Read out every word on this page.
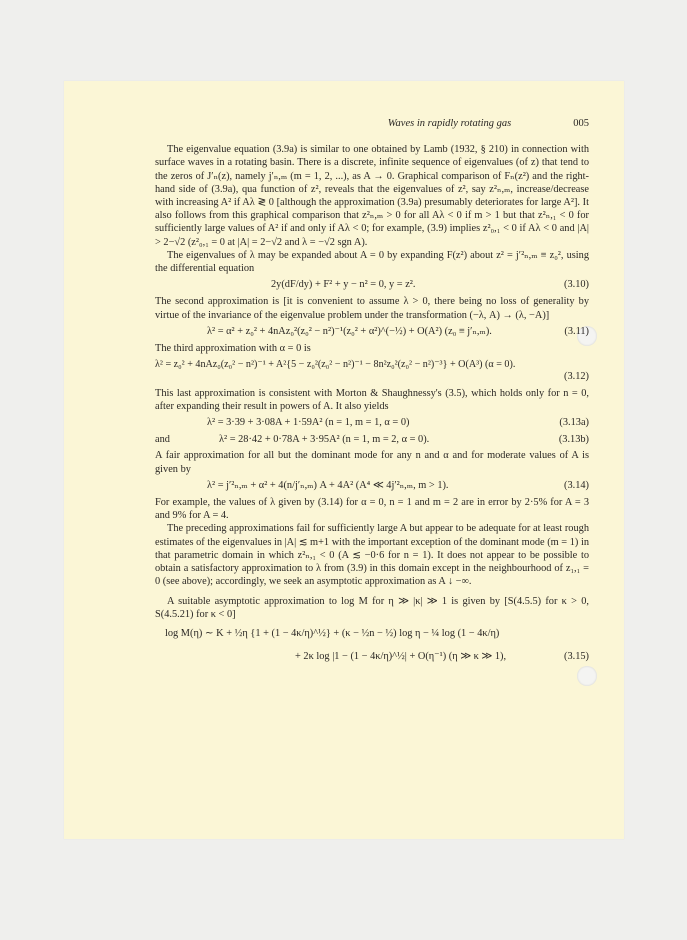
Waves in rapidly rotating gas	005

The eigenvalue equation (3.9a) is similar to one obtained by Lamb (1932, § 210) in connection with surface waves in a rotating basin. There is a discrete, infinite sequence of eigenvalues (of z) that tend to the zeros of J′ₙ(z), namely j′ₙ,ₘ (m = 1, 2, ...), as A → 0. Graphical comparison of Fₙ(z²) and the right-hand side of (3.9a), qua function of z², reveals that the eigenvalues of z², say z²ₙ,ₘ, increase/decrease with increasing A² if Aλ ≷ 0 [although the approximation (3.9a) presumably deteriorates for large A²]. It also follows from this graphical comparison that z²ₙ,ₘ > 0 for all Aλ < 0 if m > 1 but that z²ₙ,₁ < 0 for sufficiently large values of A² if and only if Aλ < 0; for example, (3.9) implies z²₀,₁ < 0 if Aλ < 0 and |A| > 2−√2 (z²₀,₁ = 0 at |A| = 2−√2 and λ = −√2 sgn A).

The eigenvalues of λ may be expanded about A = 0 by expanding F(z²) about z² = j′²ₙ,ₘ ≡ z₀², using the differential equation

2y(dF/dy) + F² + y − n² = 0, y = z².	(3.10)

The second approximation is [it is convenient to assume λ > 0, there being no loss of generality by virtue of the invariance of the eigenvalue problem under the transformation (−λ, A) → (λ, −A)]

λ² = α² + z₀² + 4nAz₀²(z₀² − n²)⁻¹(z₀² + α²)^(−½) + O(A²) (z₀ ≡ j′ₙ,ₘ).	(3.11)

The third approximation with α = 0 is

λ² = z₀² + 4nAz₀(z₀² − n²)⁻¹ + A²{5 − z₀²(z₀² − n²)⁻¹ − 8n²z₀²(z₀² − n²)⁻³} + O(A³) (α = 0).
(3.12)

This last approximation is consistent with Morton & Shaughnessy's (3.5), which holds only for n = 0, after expanding their result in powers of A. It also yields

λ² = 3·39 + 3·08A + 1·59A² (n = 1, m = 1, α = 0)	(3.13a)
and	λ² = 28·42 + 0·78A + 3·95A² (n = 1, m = 2, α = 0).	(3.13b)

A fair approximation for all but the dominant mode for any n and α and for moderate values of A is given by

λ² = j′²ₙ,ₘ + α² + 4(n/j′ₙ,ₘ) A + 4A² (A⁴ ≪ 4j′²ₙ,ₘ, m > 1).	(3.14)

For example, the values of λ given by (3.14) for α = 0, n = 1 and m = 2 are in error by 2·5% for A = 3 and 9% for A = 4.

The preceding approximations fail for sufficiently large A but appear to be adequate for at least rough estimates of the eigenvalues in |A| ≲ m+1 with the important exception of the dominant mode (m = 1) in that parametric domain in which z²ₙ,₁ < 0 (A ≲ −0·6 for n = 1). It does not appear to be possible to obtain a satisfactory approximation to λ from (3.9) in this domain except in the neighbourhood of z₁,₁ = 0 (see above); accordingly, we seek an asymptotic approximation as A ↓ −∞.

A suitable asymptotic approximation to log M for η ≫ |κ| ≫ 1 is given by [S(4.5.5) for κ > 0, S(4.5.21) for κ < 0]

log M(η) ∼ K + ½η {1 + (1 − 4κ/η)^½} + (κ − ½n − ½) log η − ¼ log (1 − 4κ/η)
+ 2κ log |1 − (1 − 4κ/η)^½| + O(η⁻¹) (η ≫ κ ≫ 1),	(3.15)
